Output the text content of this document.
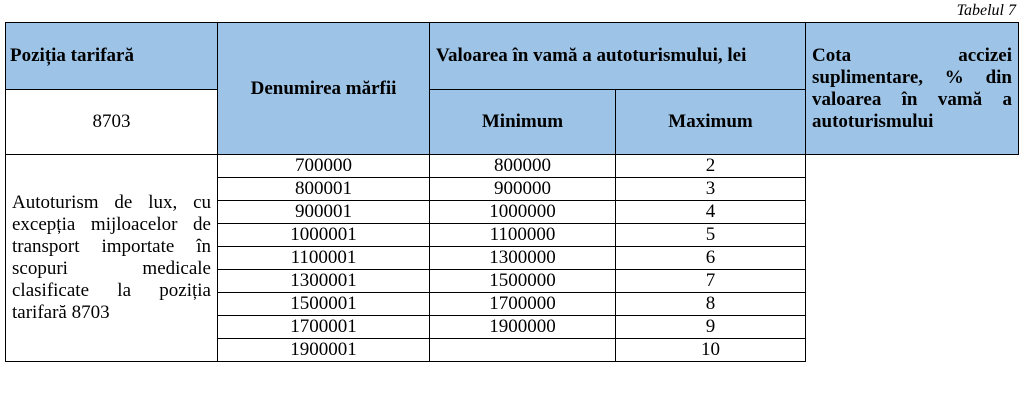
Tabelul 7
Poziția tarifară	Denumirea mărfii	Valoarea în vamă a autoturismului, lei		Cota accizei suplimentare, % din valoarea în vamă a autoturismului
8703		Minimum	Maximum	
Autoturism de lux, cu excepția mijloacelor de transport importate în scopuri medicale clasificate la poziția tarifară 8703	700000	800000	2	
	800001	900000	3	
	900001	1000000	4	
	1000001	1100000	5	
	1100001	1300000	6	
	1300001	1500000	7	
	1500001	1700000	8	
	1700001	1900000	9	
	1900001		10	
